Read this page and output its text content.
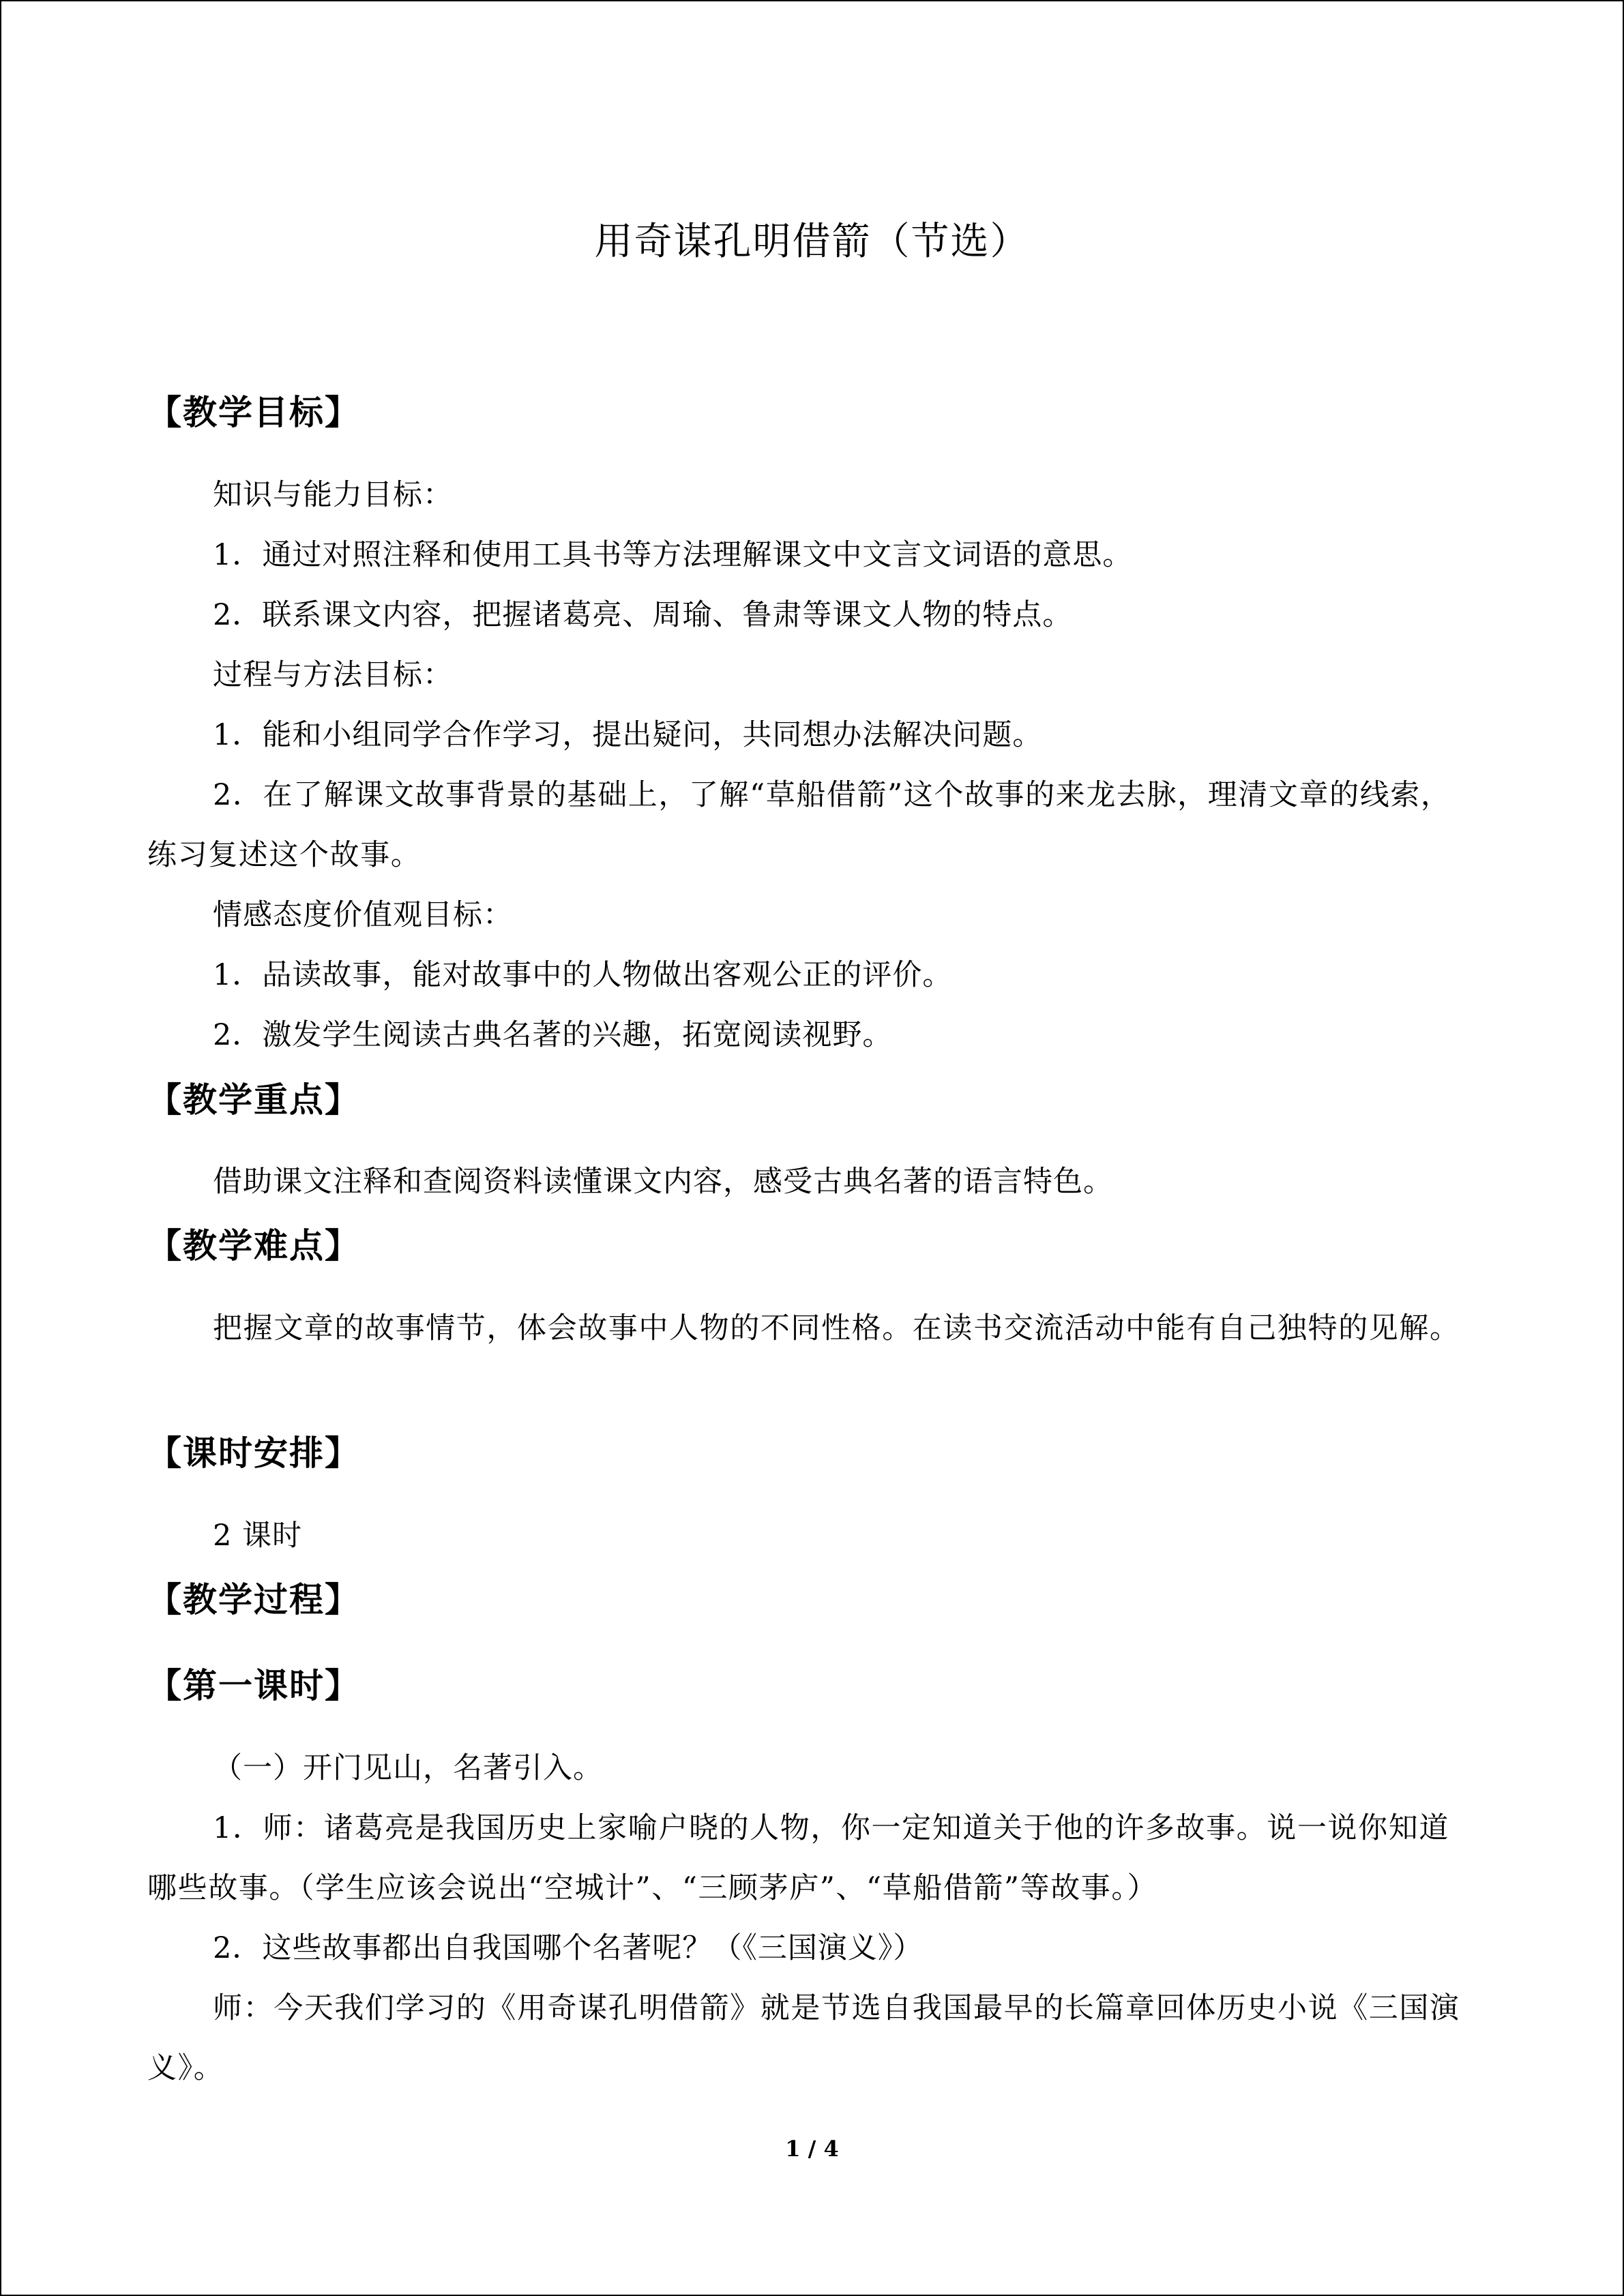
用奇谋孔明借箭（节选）
【教学目标】
知识与能力目标：
1．通过对照注释和使用工具书等方法理解课文中文言文词语的意思。
2．联系课文内容，把握诸葛亮、周瑜、鲁肃等课文人物的特点。
过程与方法目标：
1．能和小组同学合作学习，提出疑问，共同想办法解决问题。
2．在了解课文故事背景的基础上，了解“草船借箭”这个故事的来龙去脉，理清文章的线索，练习复述这个故事。
情感态度价值观目标：
1．品读故事，能对故事中的人物做出客观公正的评价。
2．激发学生阅读古典名著的兴趣，拓宽阅读视野。
【教学重点】
借助课文注释和查阅资料读懂课文内容，感受古典名著的语言特色。
【教学难点】
把握文章的故事情节，体会故事中人物的不同性格。在读书交流活动中能有自己独特的见解。
【课时安排】
2 课时
【教学过程】
【第一课时】
（一）开门见山，名著引入。
1．师：诸葛亮是我国历史上家喻户晓的人物，你一定知道关于他的许多故事。说一说你知道哪些故事。（学生应该会说出“空城计”、“三顾茅庐”、“草船借箭”等故事。）
2．这些故事都出自我国哪个名著呢？（《三国演义》）
师：今天我们学习的《用奇谋孔明借箭》就是节选自我国最早的长篇章回体历史小说《三国演义》。
1 / 4
